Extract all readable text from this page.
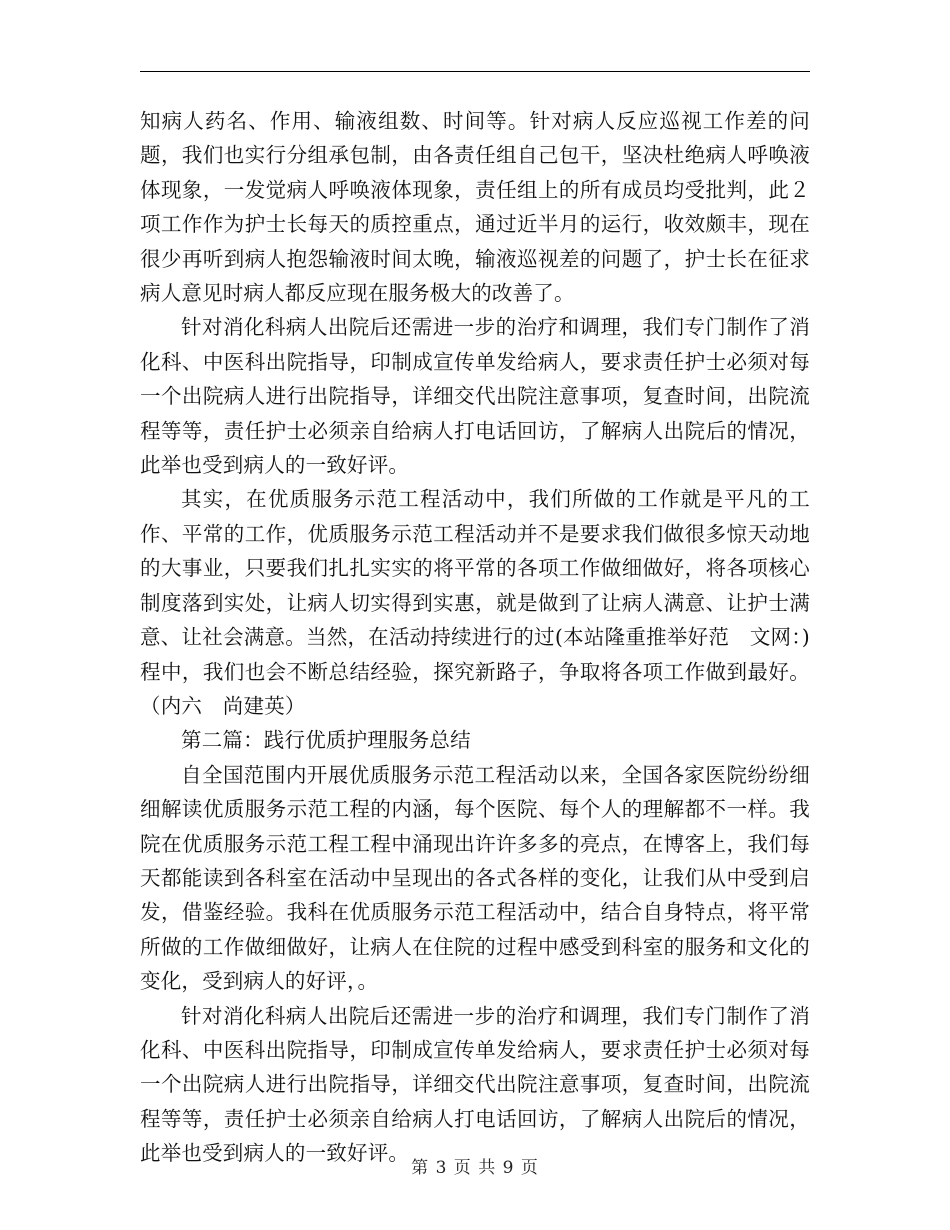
知病人药名、作用、输液组数、时间等。针对病人反应巡视工作差的问题，我们也实行分组承包制，由各责任组自己包干，坚决杜绝病人呼唤液体现象，一发觉病人呼唤液体现象，责任组上的所有成员均受批判，此２项工作作为护士长每天的质控重点，通过近半月的运行，收效颇丰，现在很少再听到病人抱怨输液时间太晚，输液巡视差的问题了，护士长在征求病人意见时病人都反应现在服务极大的改善了。

针对消化科病人出院后还需进一步的治疗和调理，我们专门制作了消化科、中医科出院指导，印制成宣传单发给病人，要求责任护士必须对每一个出院病人进行出院指导，详细交代出院注意事项，复查时间，出院流程等等，责任护士必须亲自给病人打电话回访，了解病人出院后的情况，此举也受到病人的一致好评。

其实，在优质服务示范工程活动中，我们所做的工作就是平凡的工作、平常的工作，优质服务示范工程活动并不是要求我们做很多惊天动地的大事业，只要我们扎扎实实的将平常的各项工作做细做好，将各项核心制度落到实处，让病人切实得到实惠，就是做到了让病人满意、让护士满意、让社会满意。当然，在活动持续进行的过(本站隆重推举好范　文网：)程中，我们也会不断总结经验，探究新路子，争取将各项工作做到最好。（内六　尚建英）

第二篇：践行优质护理服务总结

自全国范围内开展优质服务示范工程活动以来，全国各家医院纷纷细细解读优质服务示范工程的内涵，每个医院、每个人的理解都不一样。我院在优质服务示范工程工程中涌现出许许多多的亮点，在博客上，我们每天都能读到各科室在活动中呈现出的各式各样的变化，让我们从中受到启发，借鉴经验。我科在优质服务示范工程活动中，结合自身特点，将平常所做的工作做细做好，让病人在住院的过程中感受到科室的服务和文化的变化，受到病人的好评，。

针对消化科病人出院后还需进一步的治疗和调理，我们专门制作了消化科、中医科出院指导，印制成宣传单发给病人，要求责任护士必须对每一个出院病人进行出院指导，详细交代出院注意事项，复查时间，出院流程等等，责任护士必须亲自给病人打电话回访，了解病人出院后的情况，此举也受到病人的一致好评。

第 3 页 共 9 页
